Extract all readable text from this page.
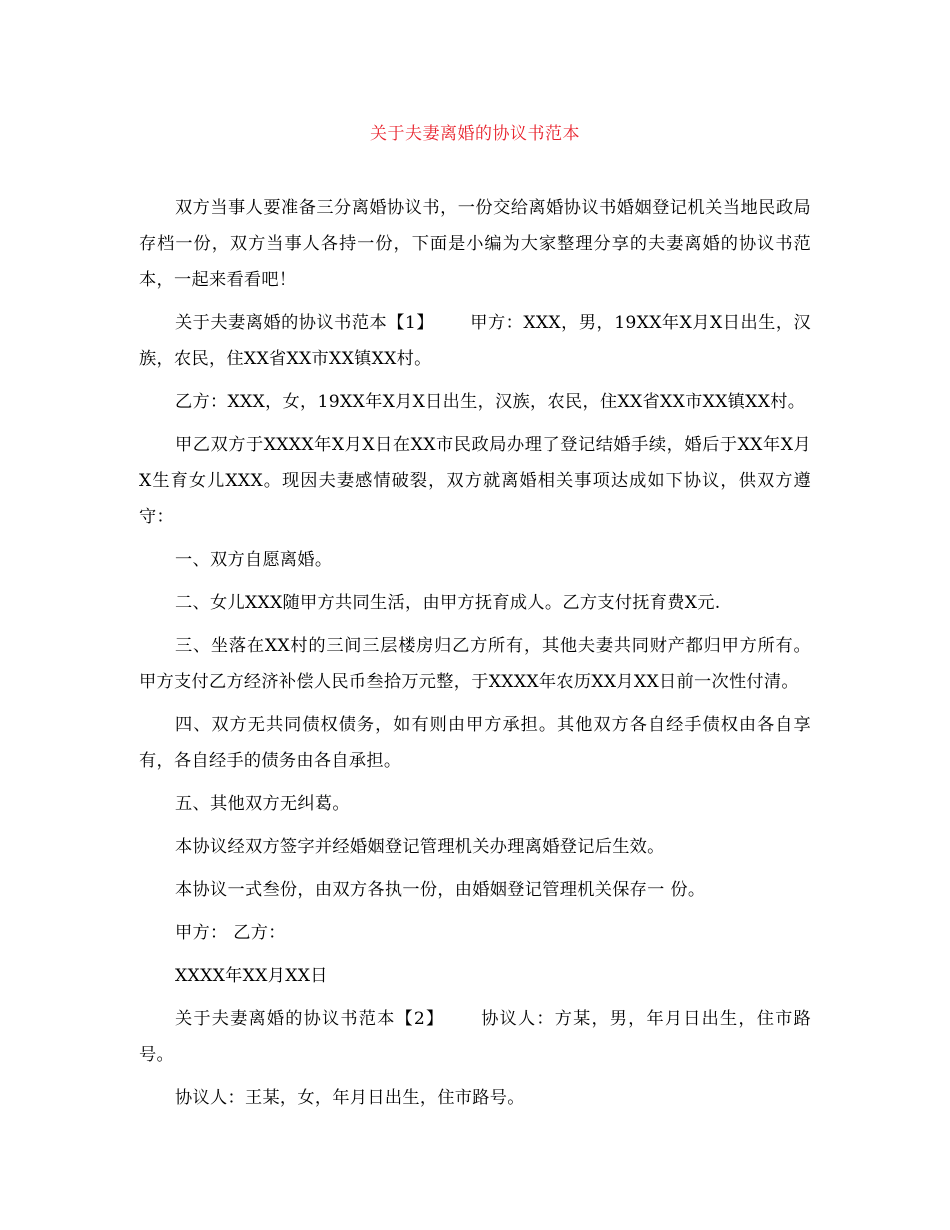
关于夫妻离婚的协议书范本

双方当事人要准备三分离婚协议书，一份交给离婚协议书婚姻登记机关当地民政局存档一份，双方当事人各持一份，下面是小编为大家整理分享的夫妻离婚的协议书范本，一起来看看吧！

关于夫妻离婚的协议书范本【1】 甲方：XXX，男，19XX年X月X日出生，汉族，农民，住XX省XX市XX镇XX村。

乙方：XXX，女，19XX年X月X日出生，汉族，农民，住XX省XX市XX镇XX村。

甲乙双方于XXXX年X月X日在XX市民政局办理了登记结婚手续，婚后于XX年X月X生育女儿XXX。现因夫妻感情破裂，双方就离婚相关事项达成如下协议，供双方遵守：

一、双方自愿离婚。

二、女儿XXX随甲方共同生活，由甲方抚育成人。乙方支付抚育费X元.

三、坐落在XX村的三间三层楼房归乙方所有，其他夫妻共同财产都归甲方所有。甲方支付乙方经济补偿人民币叁拾万元整，于XXXX年农历XX月XX日前一次性付清。

四、双方无共同债权债务，如有则由甲方承担。其他双方各自经手债权由各自享有，各自经手的债务由各自承担。

五、其他双方无纠葛。

本协议经双方签字并经婚姻登记管理机关办理离婚登记后生效。

本协议一式叁份，由双方各执一份，由婚姻登记管理机关保存一 份。

甲方： 乙方：

XXXX年XX月XX日

关于夫妻离婚的协议书范本【2】 协议人：方某，男，年月日出生，住市路号。

协议人：王某，女，年月日出生，住市路号。
